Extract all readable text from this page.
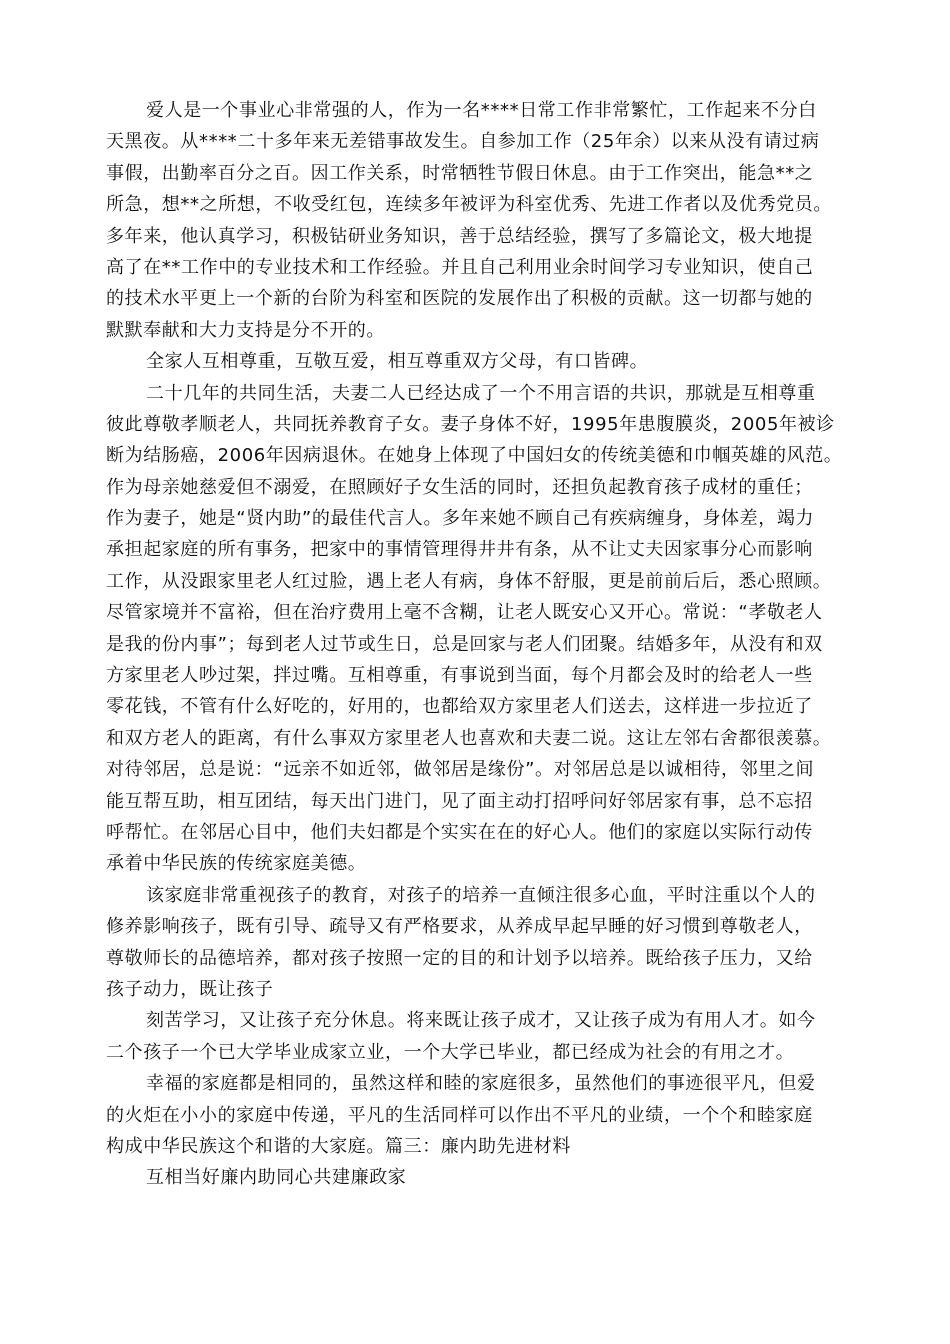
爱人是一个事业心非常强的人，作为一名****日常工作非常繁忙，工作起来不分白
天黑夜。从****二十多年来无差错事故发生。自参加工作（25年余）以来从没有请过病
事假，出勤率百分之百。因工作关系，时常牺牲节假日休息。由于工作突出，能急**之
所急，想**之所想，不收受红包，连续多年被评为科室优秀、先进工作者以及优秀党员。
多年来，他认真学习，积极钻研业务知识，善于总结经验，撰写了多篇论文，极大地提
高了在**工作中的专业技术和工作经验。并且自己利用业余时间学习专业知识，使自己
的技术水平更上一个新的台阶为科室和医院的发展作出了积极的贡献。这一切都与她的
默默奉献和大力支持是分不开的。
全家人互相尊重，互敬互爱，相互尊重双方父母，有口皆碑。
二十几年的共同生活，夫妻二人已经达成了一个不用言语的共识，那就是互相尊重
彼此尊敬孝顺老人，共同抚养教育子女。妻子身体不好，1995年患腹膜炎，2005年被诊
断为结肠癌，2006年因病退休。在她身上体现了中国妇女的传统美德和巾帼英雄的风范。
作为母亲她慈爱但不溺爱，在照顾好子女生活的同时，还担负起教育孩子成材的重任；
作为妻子，她是“贤内助”的最佳代言人。多年来她不顾自己有疾病缠身，身体差，竭力
承担起家庭的所有事务，把家中的事情管理得井井有条，从不让丈夫因家事分心而影响
工作，从没跟家里老人红过脸，遇上老人有病，身体不舒服，更是前前后后，悉心照顾。
尽管家境并不富裕，但在治疗费用上毫不含糊，让老人既安心又开心。常说：“孝敬老人
是我的份内事”；每到老人过节或生日，总是回家与老人们团聚。结婚多年，从没有和双
方家里老人吵过架，拌过嘴。互相尊重，有事说到当面，每个月都会及时的给老人一些
零花钱，不管有什么好吃的，好用的，也都给双方家里老人们送去，这样进一步拉近了
和双方老人的距离，有什么事双方家里老人也喜欢和夫妻二说。这让左邻右舍都很羡慕。
对待邻居，总是说：“远亲不如近邻，做邻居是缘份”。对邻居总是以诚相待，邻里之间
能互帮互助，相互团结，每天出门进门，见了面主动打招呼问好邻居家有事，总不忘招
呼帮忙。在邻居心目中，他们夫妇都是个实实在在的好心人。他们的家庭以实际行动传
承着中华民族的传统家庭美德。
该家庭非常重视孩子的教育，对孩子的培养一直倾注很多心血，平时注重以个人的
修养影响孩子，既有引导、疏导又有严格要求，从养成早起早睡的好习惯到尊敬老人，
尊敬师长的品德培养，都对孩子按照一定的目的和计划予以培养。既给孩子压力，又给
孩子动力，既让孩子
刻苦学习，又让孩子充分休息。将来既让孩子成才，又让孩子成为有用人才。如今
二个孩子一个已大学毕业成家立业，一个大学已毕业，都已经成为社会的有用之才。
幸福的家庭都是相同的，虽然这样和睦的家庭很多，虽然他们的事迹很平凡，但爱
的火炬在小小的家庭中传递，平凡的生活同样可以作出不平凡的业绩，一个个和睦家庭
构成中华民族这个和谐的大家庭。篇三：廉内助先进材料
互相当好廉内助同心共建廉政家
